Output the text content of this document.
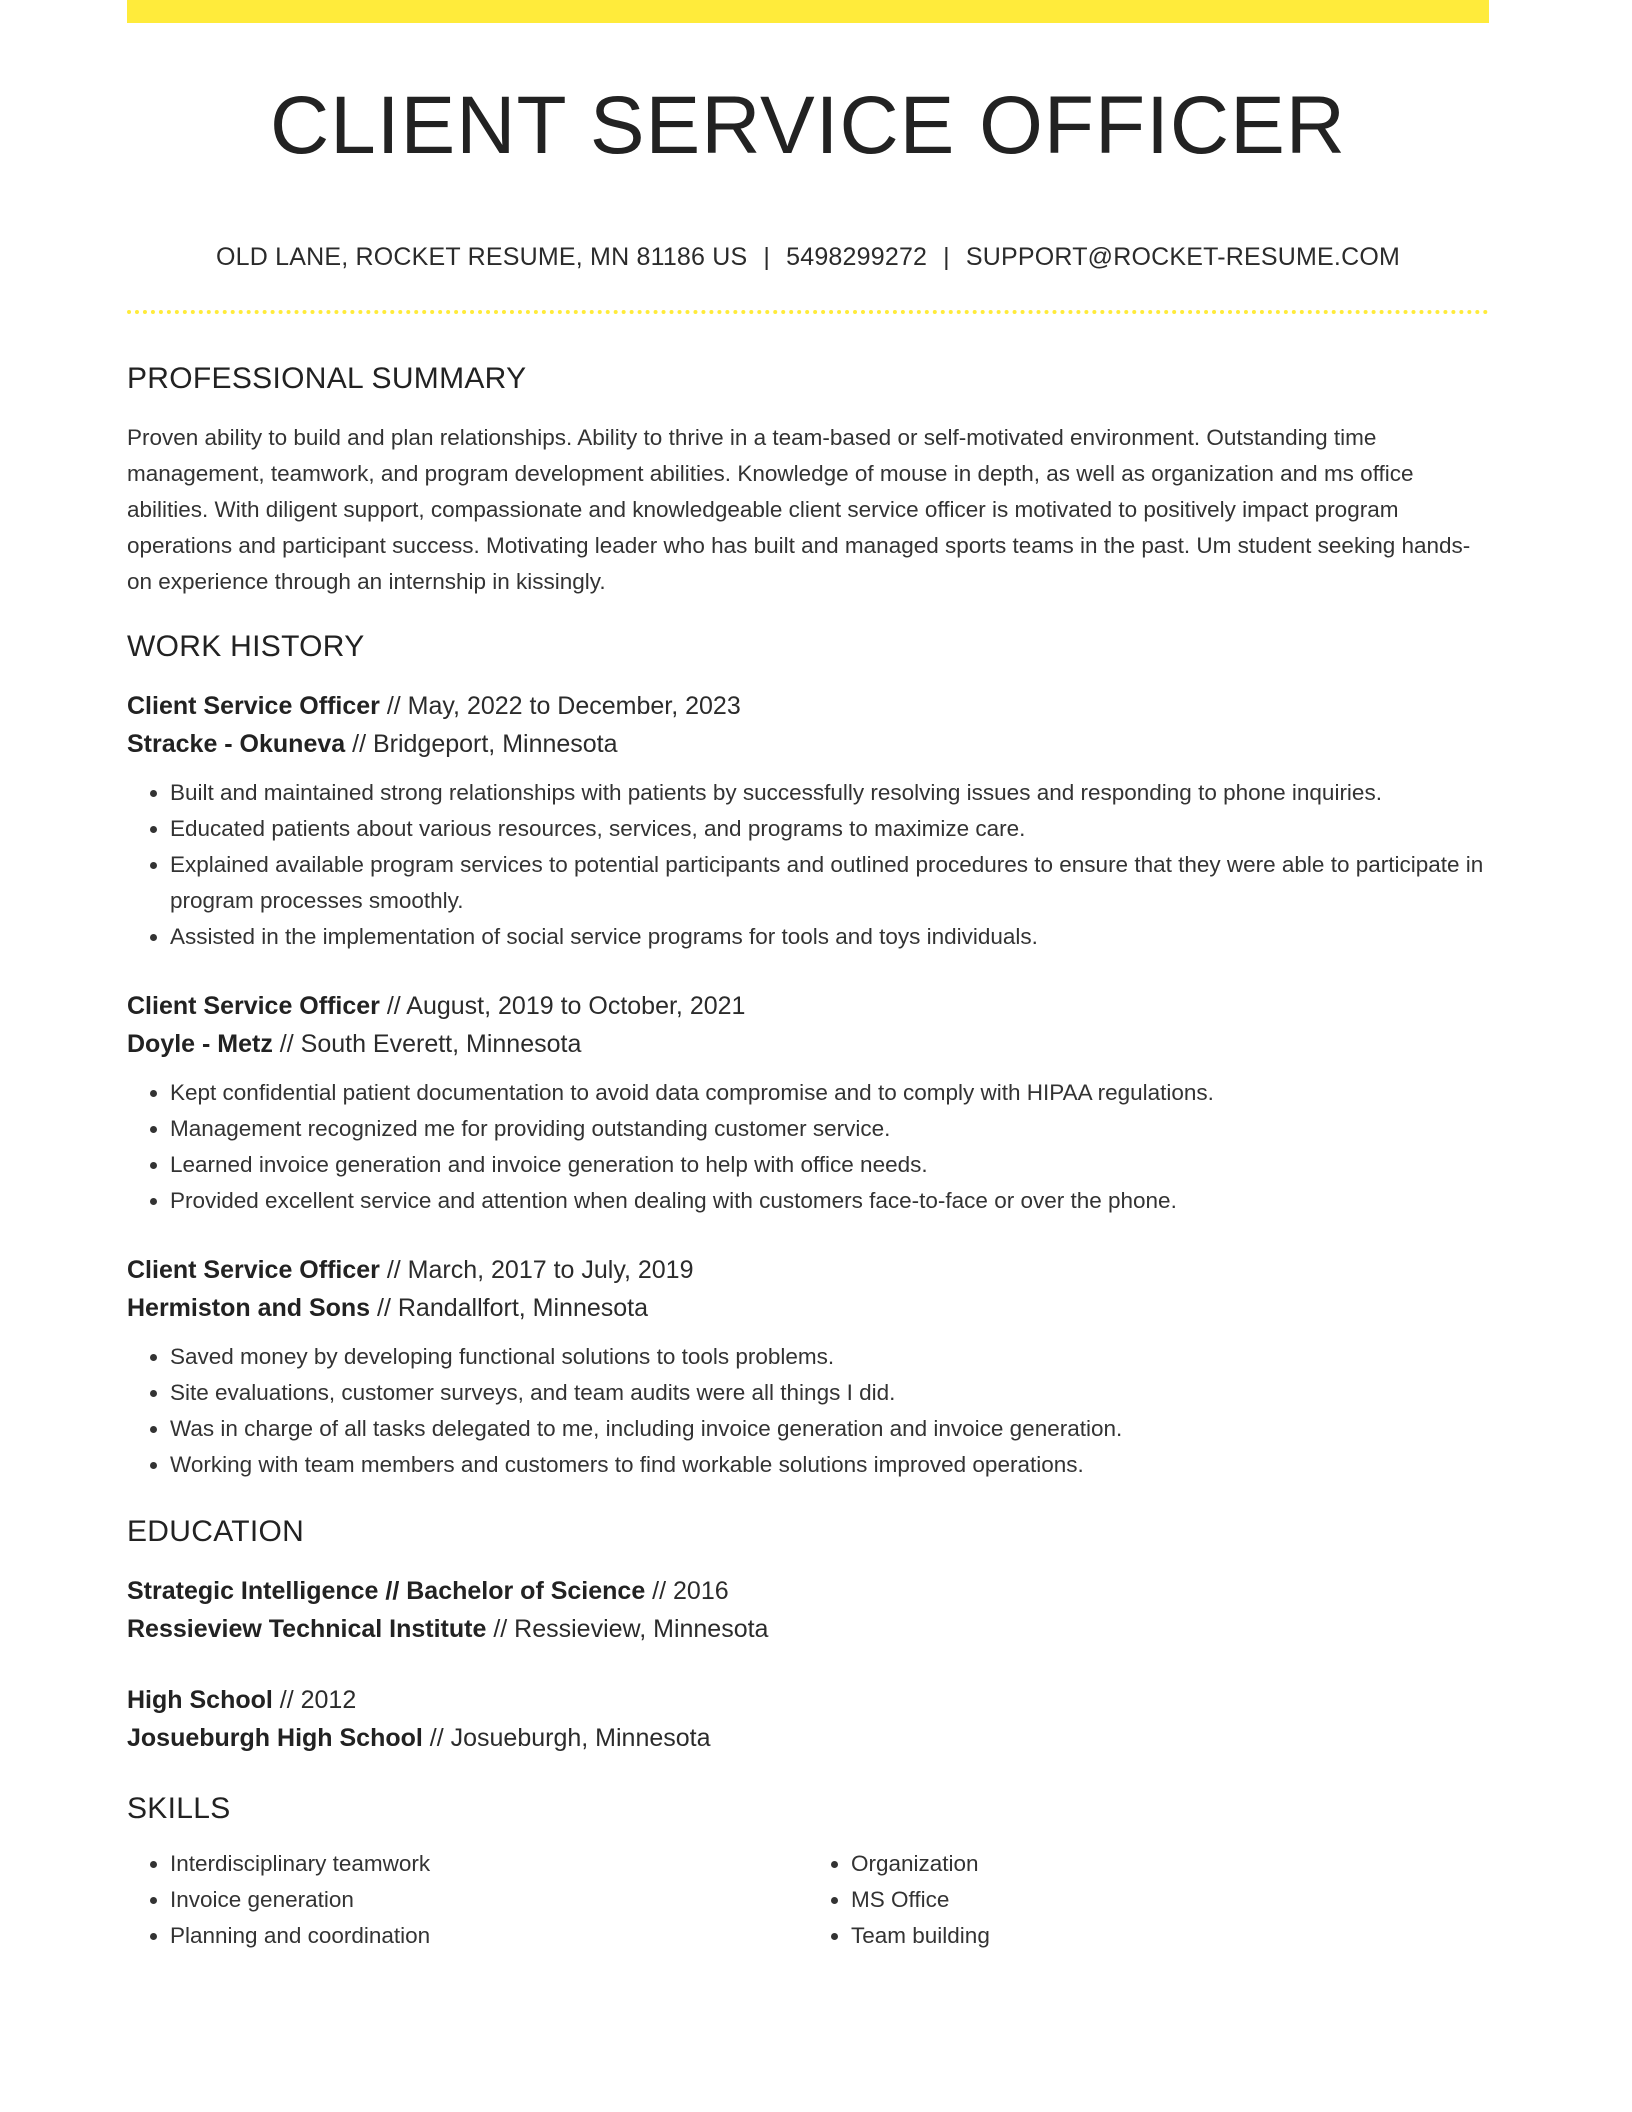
CLIENT SERVICE OFFICER
OLD LANE, ROCKET RESUME, MN 81186 US | 5498299272 | SUPPORT@ROCKET-RESUME.COM
PROFESSIONAL SUMMARY

Proven ability to build and plan relationships. Ability to thrive in a team-based or self-motivated environment. Outstanding time management, teamwork, and program development abilities. Knowledge of mouse in depth, as well as organization and ms office abilities. With diligent support, compassionate and knowledgeable client service officer is motivated to positively impact program operations and participant success. Motivating leader who has built and managed sports teams in the past. Um student seeking hands-on experience through an internship in kissingly.

WORK HISTORY
Client Service Officer // May, 2022 to December, 2023
Stracke - Okuneva // Bridgeport, Minnesota
• Built and maintained strong relationships with patients by successfully resolving issues and responding to phone inquiries.
• Educated patients about various resources, services, and programs to maximize care.
• Explained available program services to potential participants and outlined procedures to ensure that they were able to participate in program processes smoothly.
• Assisted in the implementation of social service programs for tools and toys individuals.
Client Service Officer // August, 2019 to October, 2021
Doyle - Metz // South Everett, Minnesota
• Kept confidential patient documentation to avoid data compromise and to comply with HIPAA regulations.
• Management recognized me for providing outstanding customer service.
• Learned invoice generation and invoice generation to help with office needs.
• Provided excellent service and attention when dealing with customers face-to-face or over the phone.
Client Service Officer // March, 2017 to July, 2019
Hermiston and Sons // Randallfort, Minnesota
• Saved money by developing functional solutions to tools problems.
• Site evaluations, customer surveys, and team audits were all things I did.
• Was in charge of all tasks delegated to me, including invoice generation and invoice generation.
• Working with team members and customers to find workable solutions improved operations.
EDUCATION
Strategic Intelligence // Bachelor of Science // 2016
Ressieview Technical Institute // Ressieview, Minnesota
High School // 2012
Josueburgh High School // Josueburgh, Minnesota
SKILLS
• Interdisciplinary teamwork
• Invoice generation
• Planning and coordination
• Organization
• MS Office
• Team building
